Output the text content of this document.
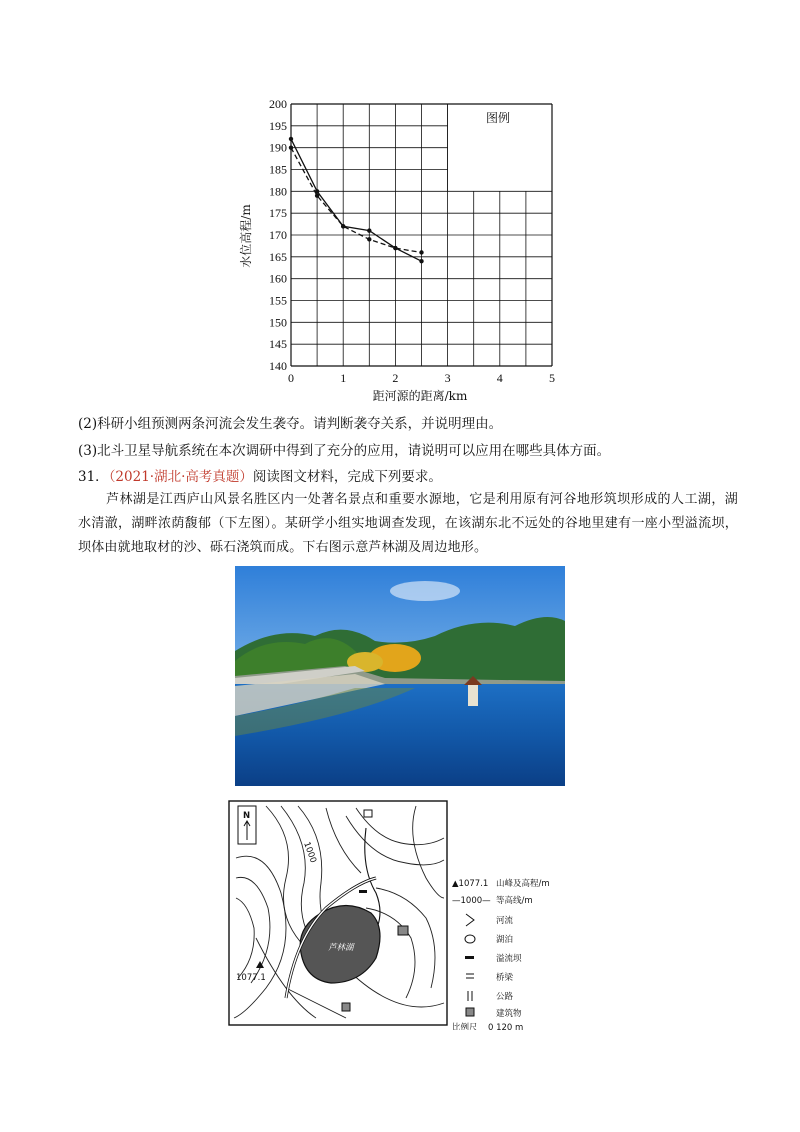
140
145
150
155
160
165
170
175
180
185
190
195
200
0	1	2	3	4	5
图例
水位高程/m
距河源的距离/km
(2)科研小组预测两条河流会发生袭夺。请判断袭夺关系，并说明理由。
(3)北斗卫星导航系统在本次调研中得到了充分的应用，请说明可以应用在哪些具体方面。
31．（2021·湖北·高考真题）阅读图文材料，完成下列要求。
芦林湖是江西庐山风景名胜区内一处著名景点和重要水源地，它是利用原有河谷地形筑坝形成的人工湖，湖水清澈，湖畔浓荫馥郁（下左图）。某研学小组实地调查发现，在该湖东北不远处的谷地里建有一座小型溢流坝，坝体由就地取材的沙、砾石浇筑而成。下右图示意芦林湖及周边地形。
芦林湖
1000
1077.1
N
▲1077.1 山峰及高程/m
—1000— 等高线/m
河流
湖泊
溢流坝
桥梁
公路
建筑物
比例尺 0 120 m
